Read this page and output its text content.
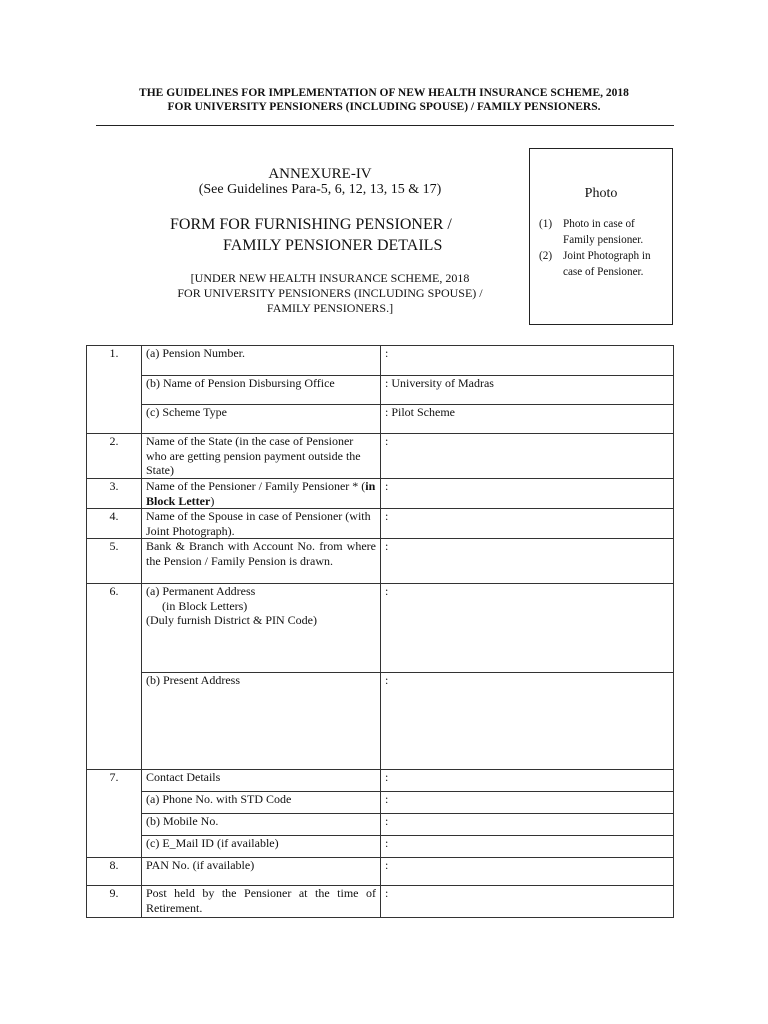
THE GUIDELINES FOR IMPLEMENTATION OF NEW HEALTH INSURANCE SCHEME, 2018
FOR UNIVERSITY PENSIONERS (INCLUDING SPOUSE) / FAMILY PENSIONERS.
ANNEXURE-IV
(See Guidelines Para-5, 6, 12, 13, 15 & 17)
FORM FOR FURNISHING PENSIONER /
FAMILY PENSIONER DETAILS
[UNDER NEW HEALTH INSURANCE SCHEME, 2018
FOR UNIVERSITY PENSIONERS (INCLUDING SPOUSE) /
FAMILY PENSIONERS.]
Photo
(1) Photo in case of
Family pensioner.
(2) Joint Photograph in
case of Pensioner.
1.	(a) Pension Number.	:
	(b) Name of Pension Disbursing Office	: University of Madras
	(c) Scheme Type	: Pilot Scheme
2.	Name of the State (in the case of Pensioner who are getting pension payment outside the State)	:
3.	Name of the Pensioner / Family Pensioner * (in Block Letter)	:
4.	Name of the Spouse in case of Pensioner (with Joint Photograph).	:
5.	Bank & Branch with Account No. from where the Pension / Family Pension is drawn.	:
6.	(a) Permanent Address
(in Block Letters)
(Duly furnish District & PIN Code)	:
	(b) Present Address	:
7.	Contact Details	:
	(a) Phone No. with STD Code	:
	(b) Mobile No.	:
	(c) E_Mail ID (if available)	:
8.	PAN No. (if available)	:
9.	Post held by the Pensioner at the time of Retirement.	:
